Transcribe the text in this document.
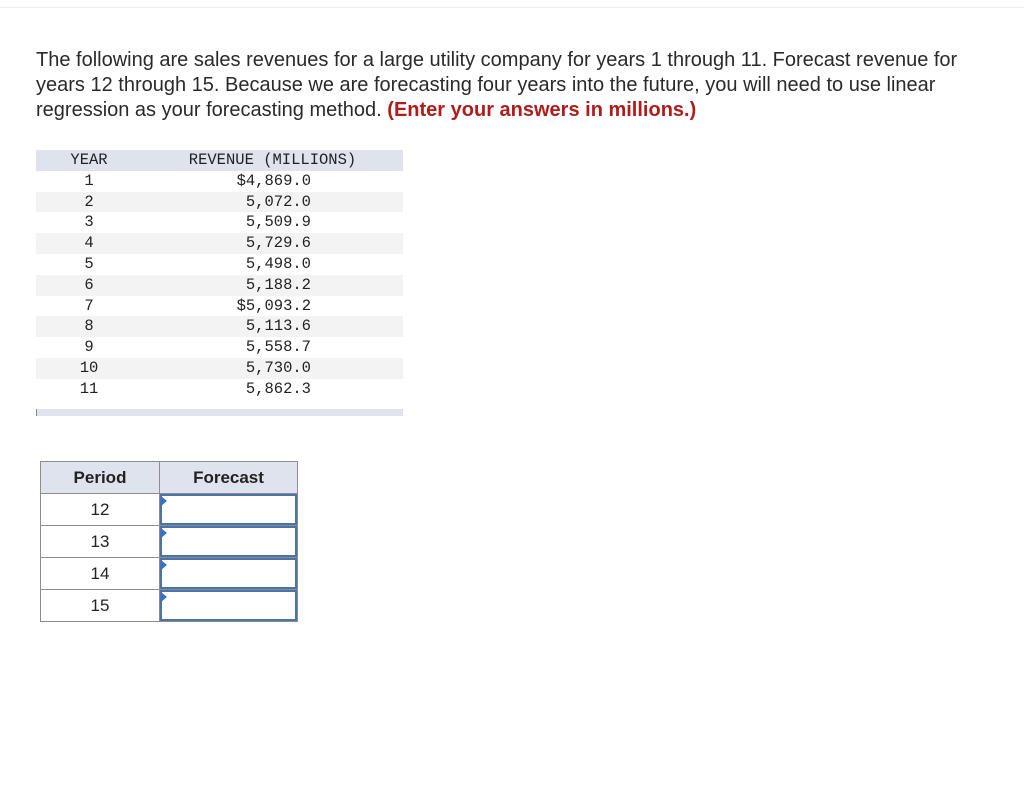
The following are sales revenues for a large utility company for years 1 through 11. Forecast revenue for years 12 through 15. Because we are forecasting four years into the future, you will need to use linear regression as your forecasting method. (Enter your answers in millions.)
YEAR	REVENUE (MILLIONS)
1	$4,869.0
2	5,072.0
3	5,509.9
4	5,729.6
5	5,498.0
6	5,188.2
7	$5,093.2
8	5,113.6
9	5,558.7
10	5,730.0
11	5,862.3
Period	Forecast
12	

13	

14	

15	
